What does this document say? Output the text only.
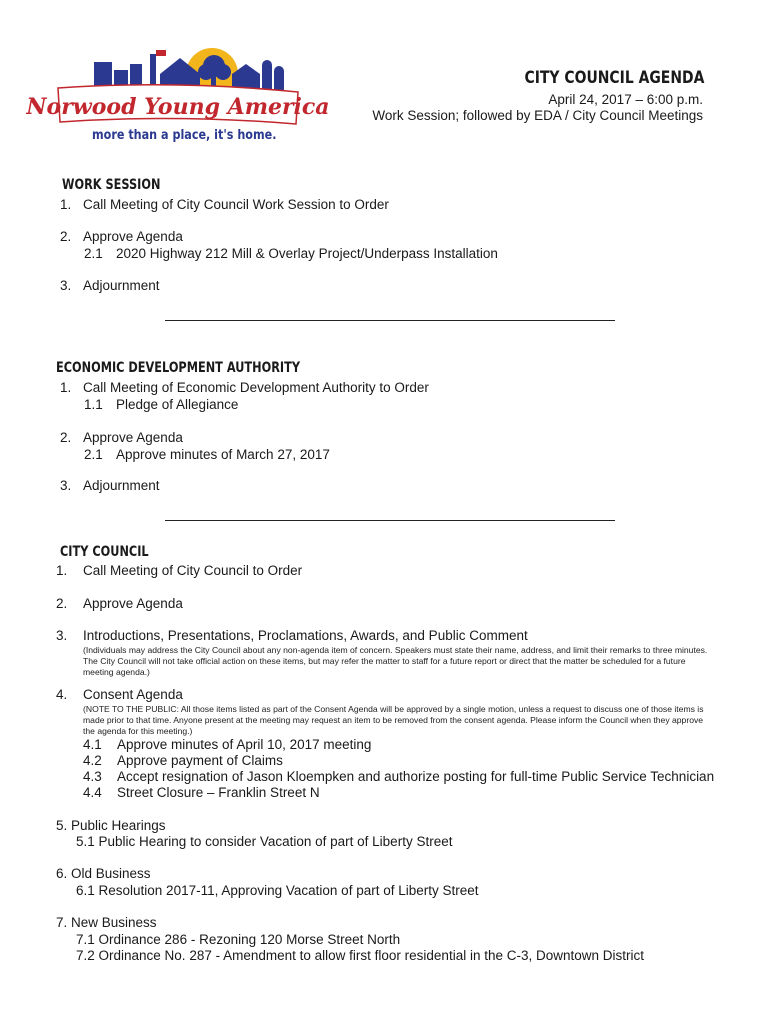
Norwood Young America
more than a place, it's home.
CITY COUNCIL AGENDA
April 24, 2017 – 6:00 p.m.
Work Session; followed by EDA / City Council Meetings
WORK SESSION
1. Call Meeting of City Council Work Session to Order
2. Approve Agenda
2.1 2020 Highway 212 Mill & Overlay Project/Underpass Installation
3. Adjournment
ECONOMIC DEVELOPMENT AUTHORITY
1. Call Meeting of Economic Development Authority to Order
1.1 Pledge of Allegiance
2. Approve Agenda
2.1 Approve minutes of March 27, 2017
3. Adjournment
CITY COUNCIL
1. Call Meeting of City Council to Order
2. Approve Agenda
3. Introductions, Presentations, Proclamations, Awards, and Public Comment
(Individuals may address the City Council about any non-agenda item of concern. Speakers must state their name, address, and limit their remarks to three minutes. The City Council will not take official action on these items, but may refer the matter to staff for a future report or direct that the matter be scheduled for a future meeting agenda.)
4. Consent Agenda
(NOTE TO THE PUBLIC: All those items listed as part of the Consent Agenda will be approved by a single motion, unless a request to discuss one of those items is made prior to that time. Anyone present at the meeting may request an item to be removed from the consent agenda. Please inform the Council when they approve the agenda for this meeting.)
4.1 Approve minutes of April 10, 2017 meeting
4.2 Approve payment of Claims
4.3 Accept resignation of Jason Kloempken and authorize posting for full-time Public Service Technician
4.4 Street Closure – Franklin Street N
5. Public Hearings
5.1 Public Hearing to consider Vacation of part of Liberty Street
6. Old Business
6.1 Resolution 2017-11, Approving Vacation of part of Liberty Street
7. New Business
7.1 Ordinance 286 - Rezoning 120 Morse Street North
7.2 Ordinance No. 287 - Amendment to allow first floor residential in the C-3, Downtown District
